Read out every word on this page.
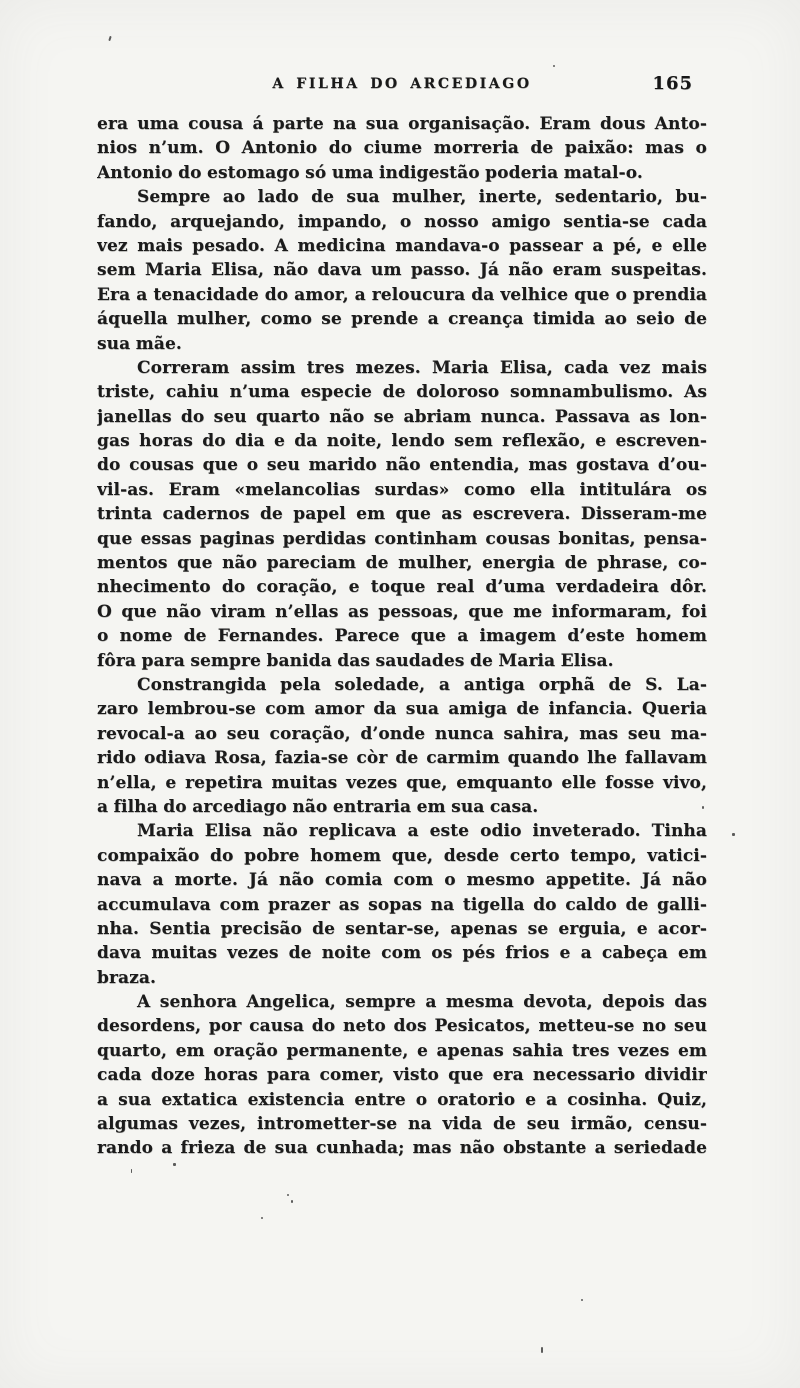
A FILHA DO ARCEDIAGO	165
era uma cousa á parte na sua organisação. Eram dous Anto-
nios n’um. O Antonio do ciume morreria de paixão: mas o
Antonio do estomago só uma indigestão poderia matal-o.
Sempre ao lado de sua mulher, inerte, sedentario, bu-
fando, arquejando, impando, o nosso amigo sentia-se cada
vez mais pesado. A medicina mandava-o passear a pé, e elle
sem Maria Elisa, não dava um passo. Já não eram suspeitas.
Era a tenacidade do amor, a reloucura da velhice que o prendia
áquella mulher, como se prende a creança timida ao seio de
sua mãe.
Correram assim tres mezes. Maria Elisa, cada vez mais
triste, cahiu n’uma especie de doloroso somnambulismo. As
janellas do seu quarto não se abriam nunca. Passava as lon-
gas horas do dia e da noite, lendo sem reflexão, e escreven-
do cousas que o seu marido não entendia, mas gostava d’ou-
vil-as. Eram «melancolias surdas» como ella intitulára os
trinta cadernos de papel em que as escrevera. Disseram-me
que essas paginas perdidas continham cousas bonitas, pensa-
mentos que não pareciam de mulher, energia de phrase, co-
nhecimento do coração, e toque real d’uma verdadeira dôr.
O que não viram n’ellas as pessoas, que me informaram, foi
o nome de Fernandes. Parece que a imagem d’este homem
fôra para sempre banida das saudades de Maria Elisa.
Constrangida pela soledade, a antiga orphã de S. La-
zaro lembrou-se com amor da sua amiga de infancia. Queria
revocal-a ao seu coração, d’onde nunca sahira, mas seu ma-
rido odiava Rosa, fazia-se còr de carmim quando lhe fallavam
n’ella, e repetira muitas vezes que, emquanto elle fosse vivo,
a filha do arcediago não entraria em sua casa.
Maria Elisa não replicava a este odio inveterado. Tinha
compaixão do pobre homem que, desde certo tempo, vatici-
nava a morte. Já não comia com o mesmo appetite. Já não
accumulava com prazer as sopas na tigella do caldo de galli-
nha. Sentia precisão de sentar-se, apenas se erguia, e acor-
dava muitas vezes de noite com os pés frios e a cabeça em
braza.
A senhora Angelica, sempre a mesma devota, depois das
desordens, por causa do neto dos Pesicatos, metteu-se no seu
quarto, em oração permanente, e apenas sahia tres vezes em
cada doze horas para comer, visto que era necessario dividir
a sua extatica existencia entre o oratorio e a cosinha. Quiz,
algumas vezes, intrometter-se na vida de seu irmão, censu-
rando a frieza de sua cunhada; mas não obstante a seriedade
